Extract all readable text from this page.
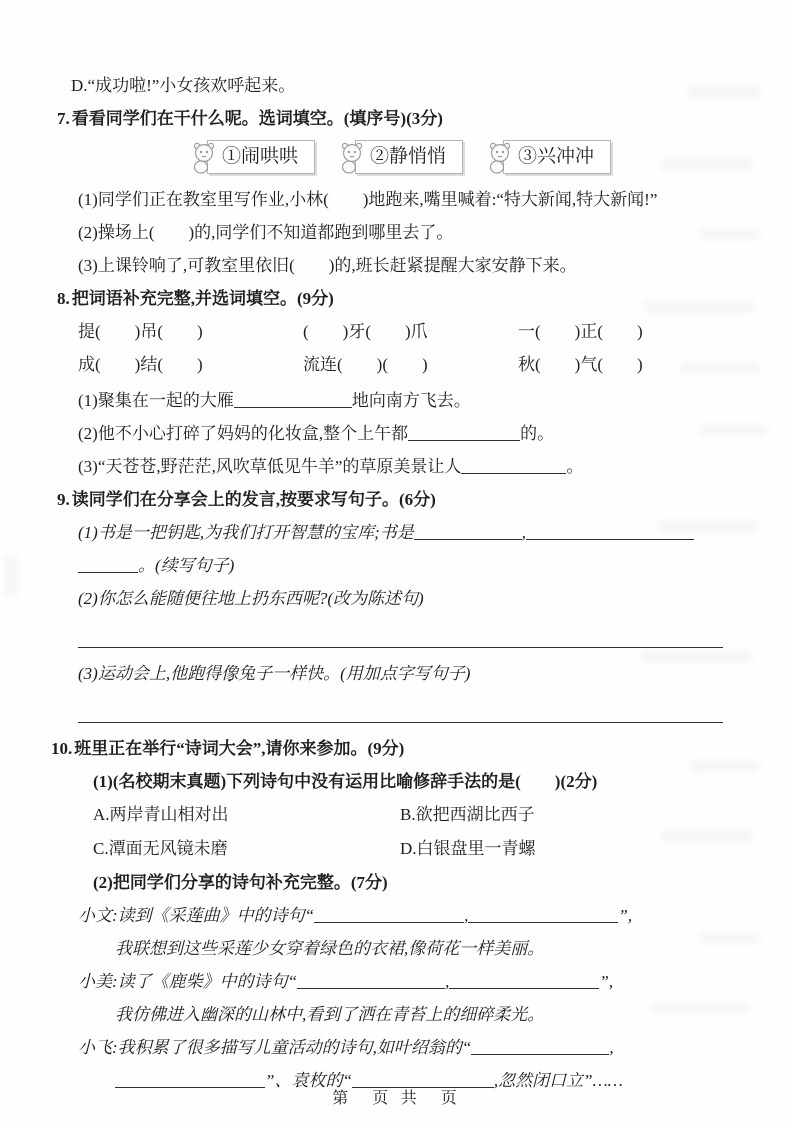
D.“成功啦!”小女孩欢呼起来。
7. 看看同学们在干什么呢。选词填空。(填序号)(3分)
①闹哄哄	②静悄悄	③兴冲冲
(1)同学们正在教室里写作业,小林(　　)地跑来,嘴里喊着:“特大新闻,特大新闻!”
(2)操场上(　　)的,同学们不知道都跑到哪里去了。
(3)上课铃响了,可教室里依旧(　　)的,班长赶紧提醒大家安静下来。
8. 把词语补充完整,并选词填空。(9分)
提(　　)吊(　　)	(　　)牙(　　)爪	一(　　)正(　　)
成(　　)结(　　)	流连(　　)(　　)	秋(　　)气(　　)
(1)聚集在一起的大雁	地向南方飞去。
(2)他不小心打碎了妈妈的化妆盒,整个上午都	的。
(3)“天苍苍,野茫茫,风吹草低见牛羊”的草原美景让人	。
9. 读同学们在分享会上的发言,按要求写句子。(6分)
(1)书是一把钥匙,为我们打开智慧的宝库;书是	,
。(续写句子)
(2)你怎么能随便往地上扔东西呢?(改为陈述句)
(3)运动会上,他跑得像兔子一样快。(用加点字写句子)
10. 班里正在举行“诗词大会”,请你来参加。(9分)
(1)(名校期末真题)下列诗句中没有运用比喻修辞手法的是(　　)(2分)
A.两岸青山相对出	B.欲把西湖比西子
C.潭面无风镜未磨	D.白银盘里一青螺
(2)把同学们分享的诗句补充完整。(7分)
小文:读到《采莲曲》中的诗句“	,	”,
我联想到这些采莲少女穿着绿色的衣裙,像荷花一样美丽。
小美:读了《鹿柴》中的诗句“	,	”,
我仿佛进入幽深的山林中,看到了洒在青苔上的细碎柔光。
小飞:我积累了很多描写儿童活动的诗句,如叶绍翁的“	,
”、袁枚的“	,忽然闭口立”……
第　页 共　页
